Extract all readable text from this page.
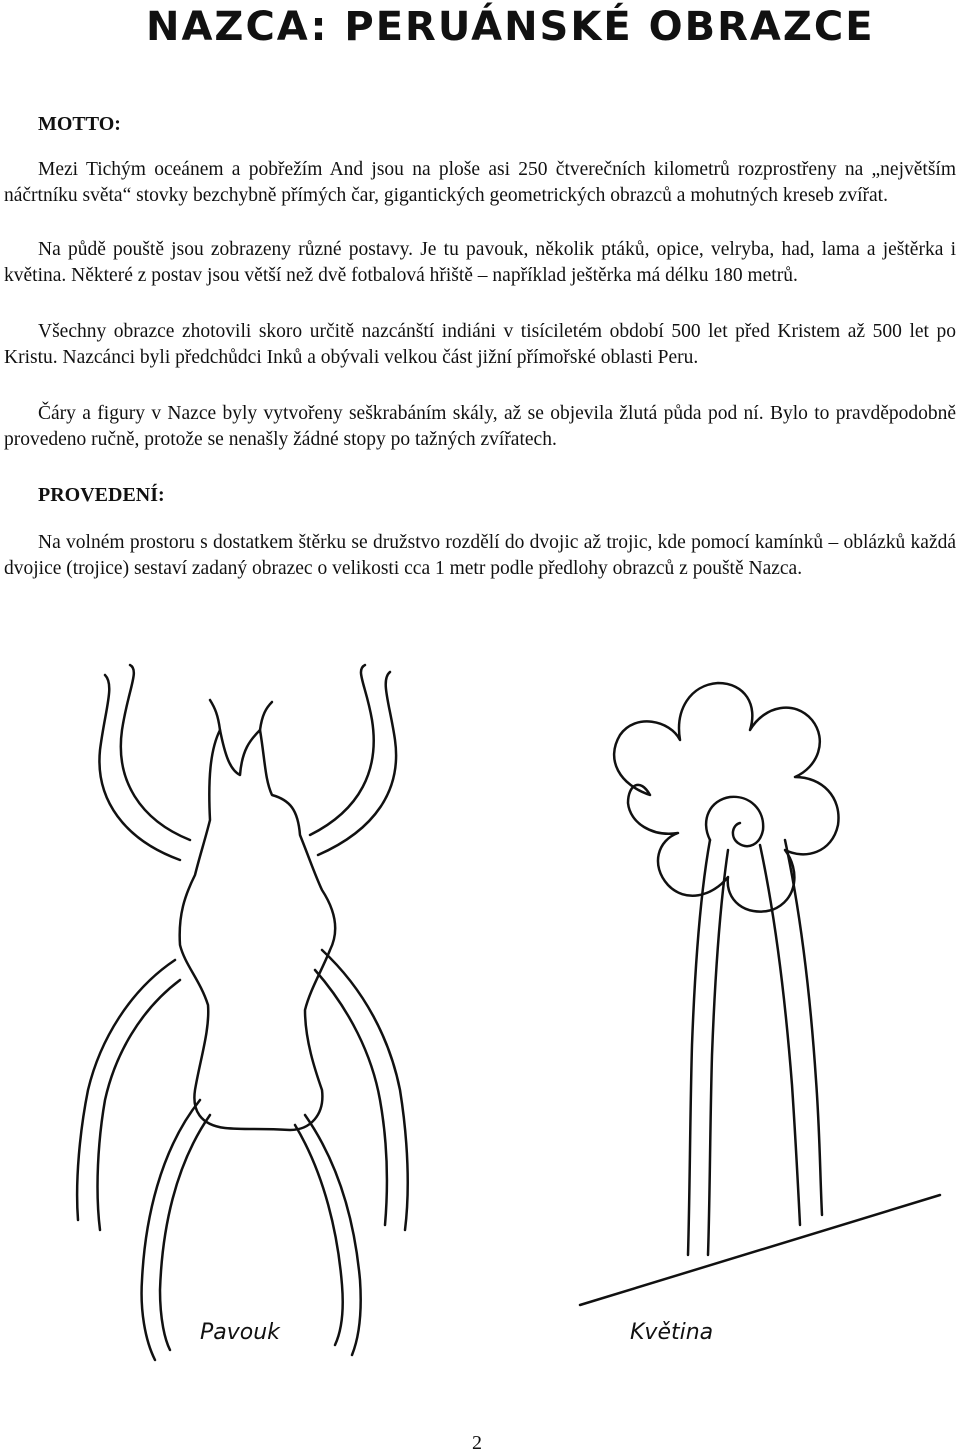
NAZCA: PERUÁNSKÉ OBRAZCE
MOTTO:

Mezi Tichým oceánem a pobřežím And jsou na ploše asi 250 čtverečních kilometrů rozprostřeny na „největším náčrtníku světa“ stovky bezchybně přímých čar, gigantických geometrických obrazců a mohutných kreseb zvířat.

Na půdě pouště jsou zobrazeny různé postavy. Je tu pavouk, několik ptáků, opice, velryba, had, lama a ještěrka i květina. Některé z postav jsou větší než dvě fotbalová hřiště – například ještěrka má délku 180 metrů.

Všechny obrazce zhotovili skoro určitě nazcánští indiáni v tisíciletém období 500 let před Kristem až 500 let po Kristu. Nazcánci byli předchůdci Inků a obývali velkou část jižní přímořské oblasti Peru.

Čáry a figury v Nazce byly vytvořeny seškrabáním skály, až se objevila žlutá půda pod ní. Bylo to pravděpodobně provedeno ručně, protože se nenašly žádné stopy po tažných zvířatech.

PROVEDENÍ:

Na volném prostoru s dostatkem štěrku se družstvo rozdělí do dvojic až trojic, kde pomocí kamínků – oblázků každá dvojice (trojice) sestaví zadaný obrazec o velikosti cca 1 metr podle předlohy obrazců z pouště Nazca.

Pavouk	Květina
2
